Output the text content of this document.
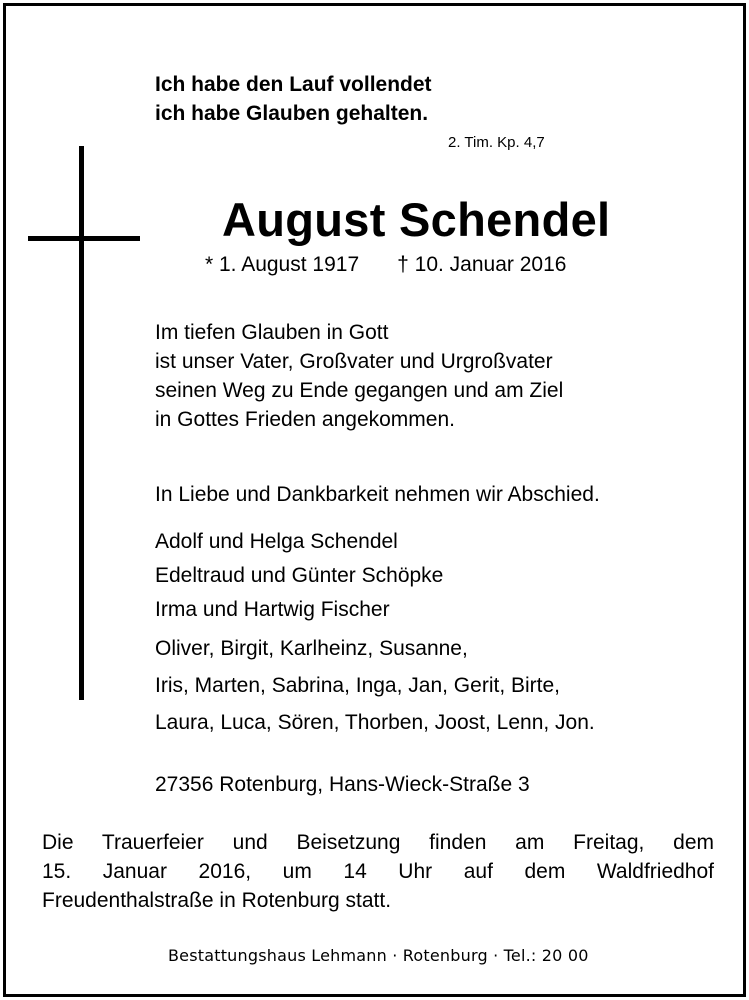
Ich habe den Lauf vollendet
ich habe Glauben gehalten.
2. Tim. Kp. 4,7
August Schendel
* 1. August 1917 † 10. Januar 2016
Im tiefen Glauben in Gott
ist unser Vater, Großvater und Urgroßvater
seinen Weg zu Ende gegangen und am Ziel
in Gottes Frieden angekommen.
In Liebe und Dankbarkeit nehmen wir Abschied.
Adolf und Helga Schendel
Edeltraud und Günter Schöpke
Irma und Hartwig Fischer
Oliver, Birgit, Karlheinz, Susanne,
Iris, Marten, Sabrina, Inga, Jan, Gerit, Birte,
Laura, Luca, Sören, Thorben, Joost, Lenn, Jon.
27356 Rotenburg, Hans-Wieck-Straße 3
Die Trauerfeier und Beisetzung finden am Freitag, dem
15. Januar 2016, um 14 Uhr auf dem Waldfriedhof
Freudenthalstraße in Rotenburg statt.
Bestattungshaus Lehmann · Rotenburg · Tel.: 20 00
